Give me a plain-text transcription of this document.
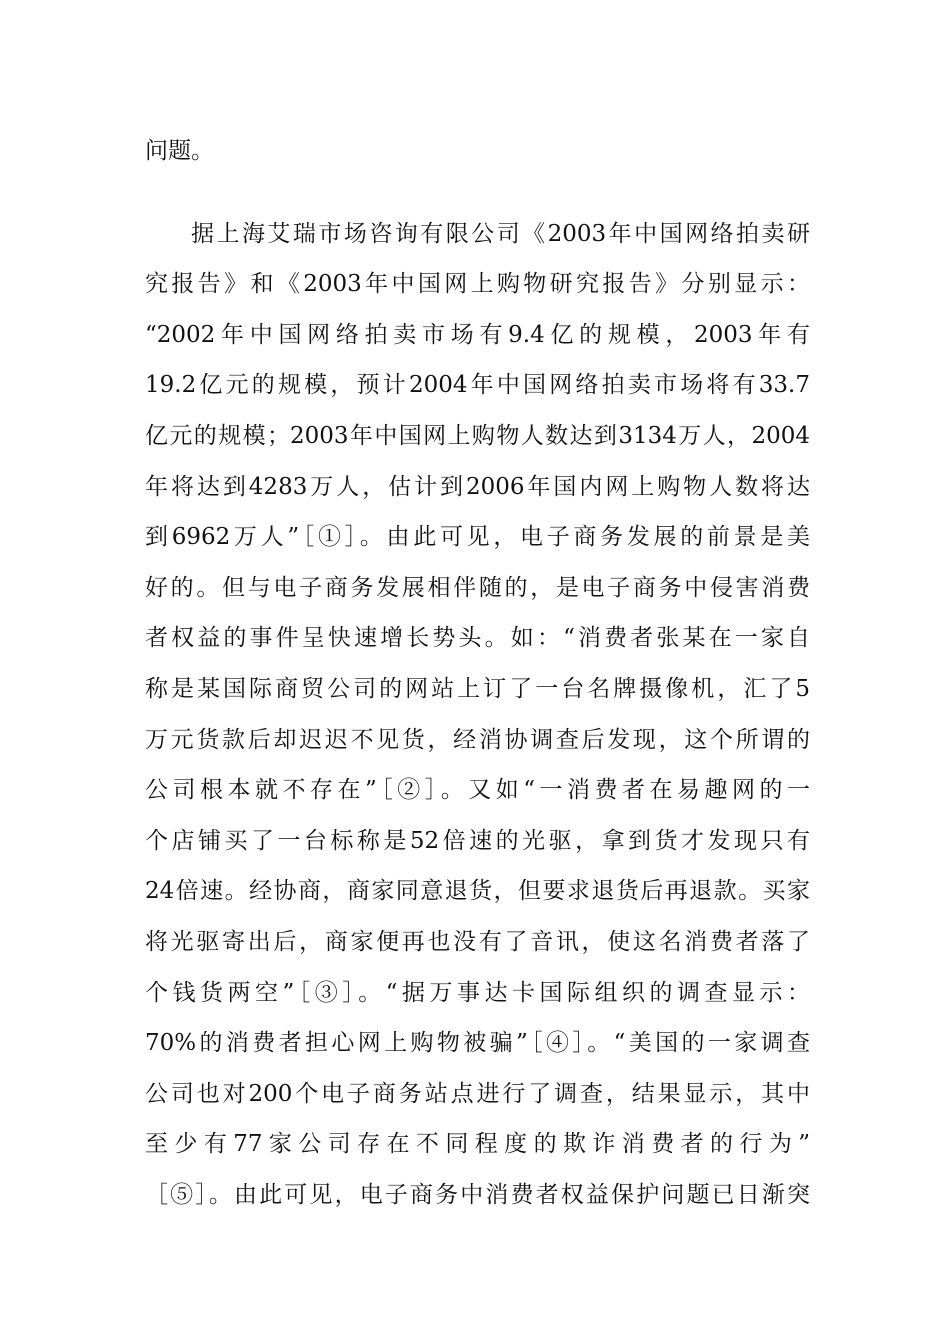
问题。
据上海艾瑞市场咨询有限公司《2003年中国网络拍卖研
究报告》和《2003年中国网上购物研究报告》分别显示：
“2002年中国网络拍卖市场有9.4亿的规模，2003年有
19.2亿元的规模，预计2004年中国网络拍卖市场将有33.7
亿元的规模；2003年中国网上购物人数达到3134万人，2004
年将达到4283万人，估计到2006年国内网上购物人数将达
到6962万人”［①］。由此可见，电子商务发展的前景是美
好的。但与电子商务发展相伴随的，是电子商务中侵害消费
者权益的事件呈快速增长势头。如：“消费者张某在一家自
称是某国际商贸公司的网站上订了一台名牌摄像机，汇了5
万元货款后却迟迟不见货，经消协调查后发现，这个所谓的
公司根本就不存在”［②］。又如“一消费者在易趣网的一
个店铺买了一台标称是52倍速的光驱，拿到货才发现只有
24倍速。经协商，商家同意退货，但要求退货后再退款。买家
将光驱寄出后，商家便再也没有了音讯，使这名消费者落了
个钱货两空”［③］。“据万事达卡国际组织的调查显示：
70%的消费者担心网上购物被骗”［④］。“美国的一家调查
公司也对200个电子商务站点进行了调查，结果显示，其中
至少有77家公司存在不同程度的欺诈消费者的行为”
［⑤］。由此可见，电子商务中消费者权益保护问题已日渐突
